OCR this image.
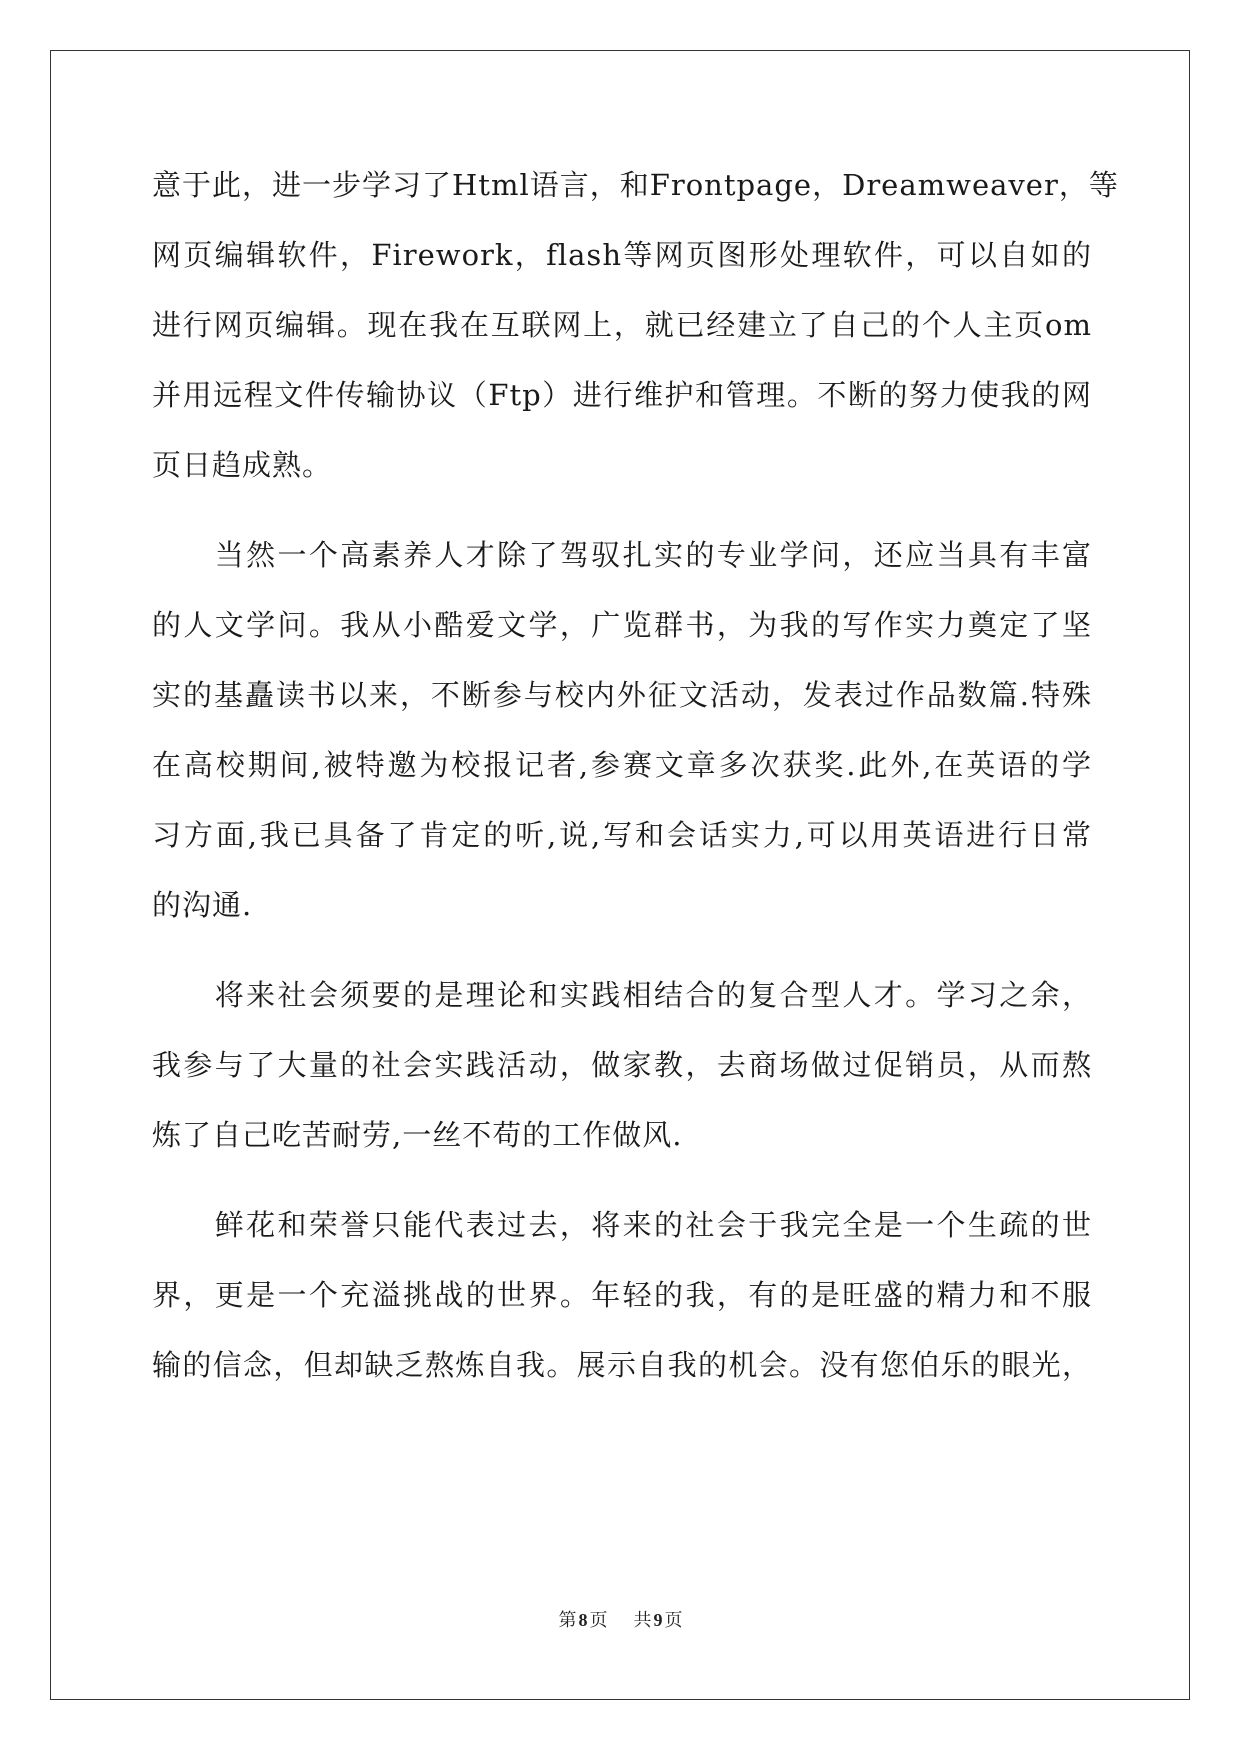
意于此，进一步学习了Html语言，和Frontpage，Dreamweaver，等
网页编辑软件，Firework，flash等网页图形处理软件，可以自如的
进行网页编辑。现在我在互联网上，就已经建立了自己的个人主页om
并用远程文件传输协议（Ftp）进行维护和管理。不断的努力使我的网
页日趋成熟。
　　当然一个高素养人才除了驾驭扎实的专业学问，还应当具有丰富
的人文学问。我从小酷爱文学，广览群书，为我的写作实力奠定了坚
实的基矗读书以来，不断参与校内外征文活动，发表过作品数篇.特殊
在高校期间,被特邀为校报记者,参赛文章多次获奖.此外,在英语的学
习方面,我已具备了肯定的听,说,写和会话实力,可以用英语进行日常
的沟通.
　　将来社会须要的是理论和实践相结合的复合型人才。学习之余，
我参与了大量的社会实践活动，做家教，去商场做过促销员，从而熬
炼了自己吃苦耐劳,一丝不苟的工作做风.
　　鲜花和荣誉只能代表过去，将来的社会于我完全是一个生疏的世
界，更是一个充溢挑战的世界。年轻的我，有的是旺盛的精力和不服
输的信念，但却缺乏熬炼自我。展示自我的机会。没有您伯乐的眼光，
第 8 页 共 9 页
